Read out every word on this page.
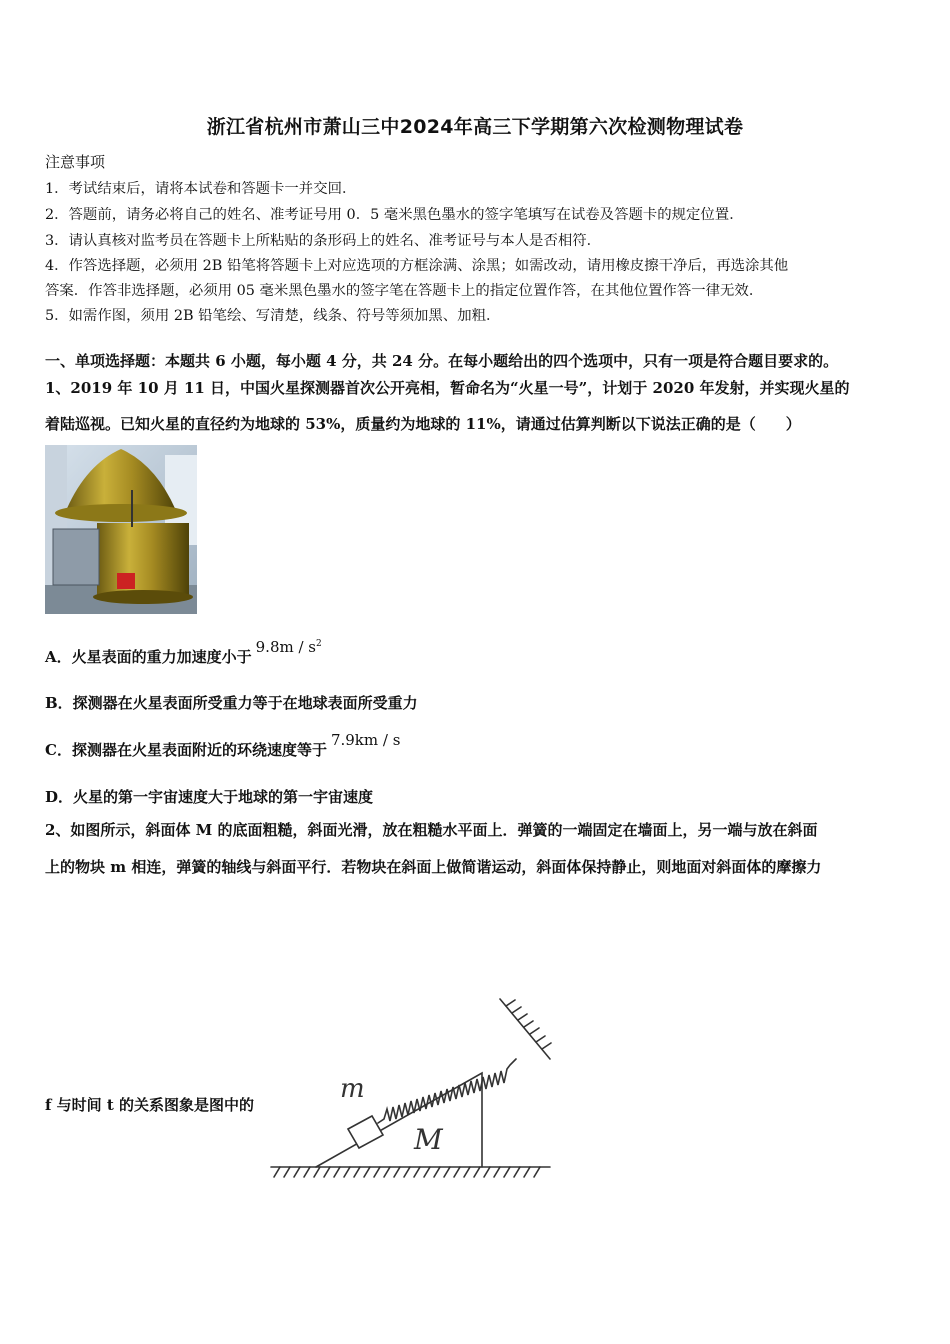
浙江省杭州市萧山三中2024年高三下学期第六次检测物理试卷
注意事项
1．考试结束后，请将本试卷和答题卡一并交回．
2．答题前，请务必将自己的姓名、准考证号用 0．5 毫米黑色墨水的签字笔填写在试卷及答题卡的规定位置．
3．请认真核对监考员在答题卡上所粘贴的条形码上的姓名、准考证号与本人是否相符．
4．作答选择题，必须用 2B 铅笔将答题卡上对应选项的方框涂满、涂黑；如需改动，请用橡皮擦干净后，再选涂其他
答案．作答非选择题，必须用 05 毫米黑色墨水的签字笔在答题卡上的指定位置作答，在其他位置作答一律无效．
5．如需作图，须用 2B 铅笔绘、写清楚，线条、符号等须加黑、加粗．
一、单项选择题：本题共 6 小题，每小题 4 分，共 24 分。在每小题给出的四个选项中，只有一项是符合题目要求的。
1、2019 年 10 月 11 日，中国火星探测器首次公开亮相，暂命名为“火星一号”，计划于 2020 年发射，并实现火星的
着陆巡视。已知火星的直径约为地球的 53%，质量约为地球的 11%，请通过估算判断以下说法正确的是（　　）
A．火星表面的重力加速度小于$9.8m / s^2$
B．探测器在火星表面所受重力等于在地球表面所受重力
C．探测器在火星表面附近的环绕速度等于7.9km / s
D．火星的第一宇宙速度大于地球的第一宇宙速度
2、如图所示，斜面体 M 的底面粗糙，斜面光滑，放在粗糙水平面上．弹簧的一端固定在墙面上，另一端与放在斜面
上的物块 m 相连，弹簧的轴线与斜面平行．若物块在斜面上做简谐运动，斜面体保持静止，则地面对斜面体的摩擦力
f 与时间 t 的关系图象是图中的
m
M
